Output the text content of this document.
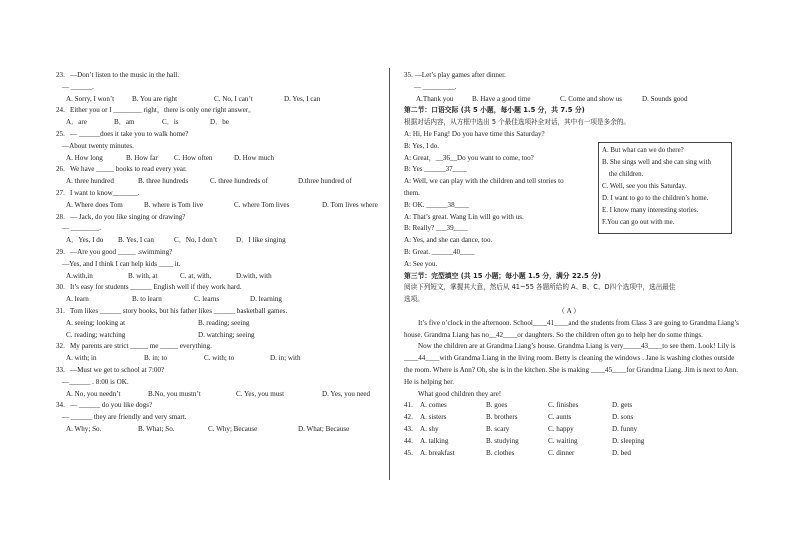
23. —Don’t listen to the music in the hall.

— ______.

A. Sorry, I won’t	B. You are right	C. No, I can’t	D. Yes, I can

24. Either you or I ________ right，there is only one right answer。

A．are	B．am	C．is	D．be

25. — ______does it take you to walk home?

—About twenty minutes.

A. How long	B. How far C. How often	D. How much

26. We have _____ books to read every year.

A. three hundred	B. three hundreds	C. three hundreds of	D.three hundred of

27. I want to know_______.

A. Where does Tom	B. where is Tom live	C. where Tom lives	D. Tom lives where

28. — Jack, do you like singing or drawing?

— ________.

A．Yes, I do B. Yes, I can	C．No, I don’t	D．I like singing

29. —Are you good _____ .swimming?

—Yes, and I think I can help kids ____ it.

A.with,in	B. with, at	C. at, with,	D.with, with

30. It’s easy for students ______ English well if they work hard.

A. learn	B. to learn	C. learns	D. learning

31. Tom likes ______ story books, but his father likes ______ basketball games.

A. seeing; looking at	B. reading; seeing

C. reading; watching	D. watching; seeing

32. My parents are strict _____ me _____ everything.

A. with; in	B. in; to	C. with; to	D. in; with

33. —Must we get to school at 7:00?

—______ . 8:00 is OK.

A. No, you needn’t	B.No, you mustn’t	C. Yes, you must	D. Yes, you need

34. — ______ do you like dogs?

— ______ they are friendly and very smart.

A. Why; So.	B. What; So.	C. Why; Because	D. What; Because

35. —Let’s play games after dinner.

— _________.

A.Thank you	B. Have a good time	C. Come and show us	D. Sounds good

第二节：口语交际 (共 5 小题，每小题 1.5 分，共 7.5 分)

根据对话内容，从方框中选出 5 个最佳选项补全对话，其中有一项是多余的。

A: Hi, He Fang! Do you have time this Saturday?

B: Yes, I do.

A: Great，__36__Do you want to come, too?

B: Yes ______37____

A: Well, we can play with the children and tell stories to

them.

B: OK. ______38____

A: That’s great. Wang Lin will go with us.

B: Really? ___39____

A: Yes, and she can dance, too.

B: Great. ______40____

A: See you.

第三节：完型填空 (共 15 小题；每小题 1.5 分，满分 22.5 分)

阅读下列短文，掌握其大意，然后从 41~55 各题所给的 A、B、C、D四个选项中，选出最佳

选项。

（ A ）

It’s five o’clock in the afternoon. School____41____and the students from Class 3 are going to Grandma Liang’s house. Grandma Liang has no__42____or daughters. So the children often go to help her do some things.

Now the children are at Grandma Liang’s house. Grandma Liang is very_____43____to see them. Look! Lily is ____44____with Grandma Liang in the living room. Betty is cleaning the windows . Jane is washing clothes outside the room. Where is Ann? Oh, she is in the kitchen. She is making ____45____for Grandma Liang. Jim is next to Ann. He is helping her.

What good children they are!

41. A. comes	B. goes	C. finishes	D. gets

42. A. sisters	B. brothers	C. aunts	D. sons

43. A. shy	B. scary	C. happy	D. funny

44. A. talking	B. studying	C. waiting	D. sleeping

45. A. breakfast	B. clothes	C. dinner	D. bed

A. But what can we do there?

B. She sings well and she can sing with

the children.

C. Well, see you this Saturday.

D. I want to go to the children’s home.

E. I know many interesting stories.

F.You can go out with me.
